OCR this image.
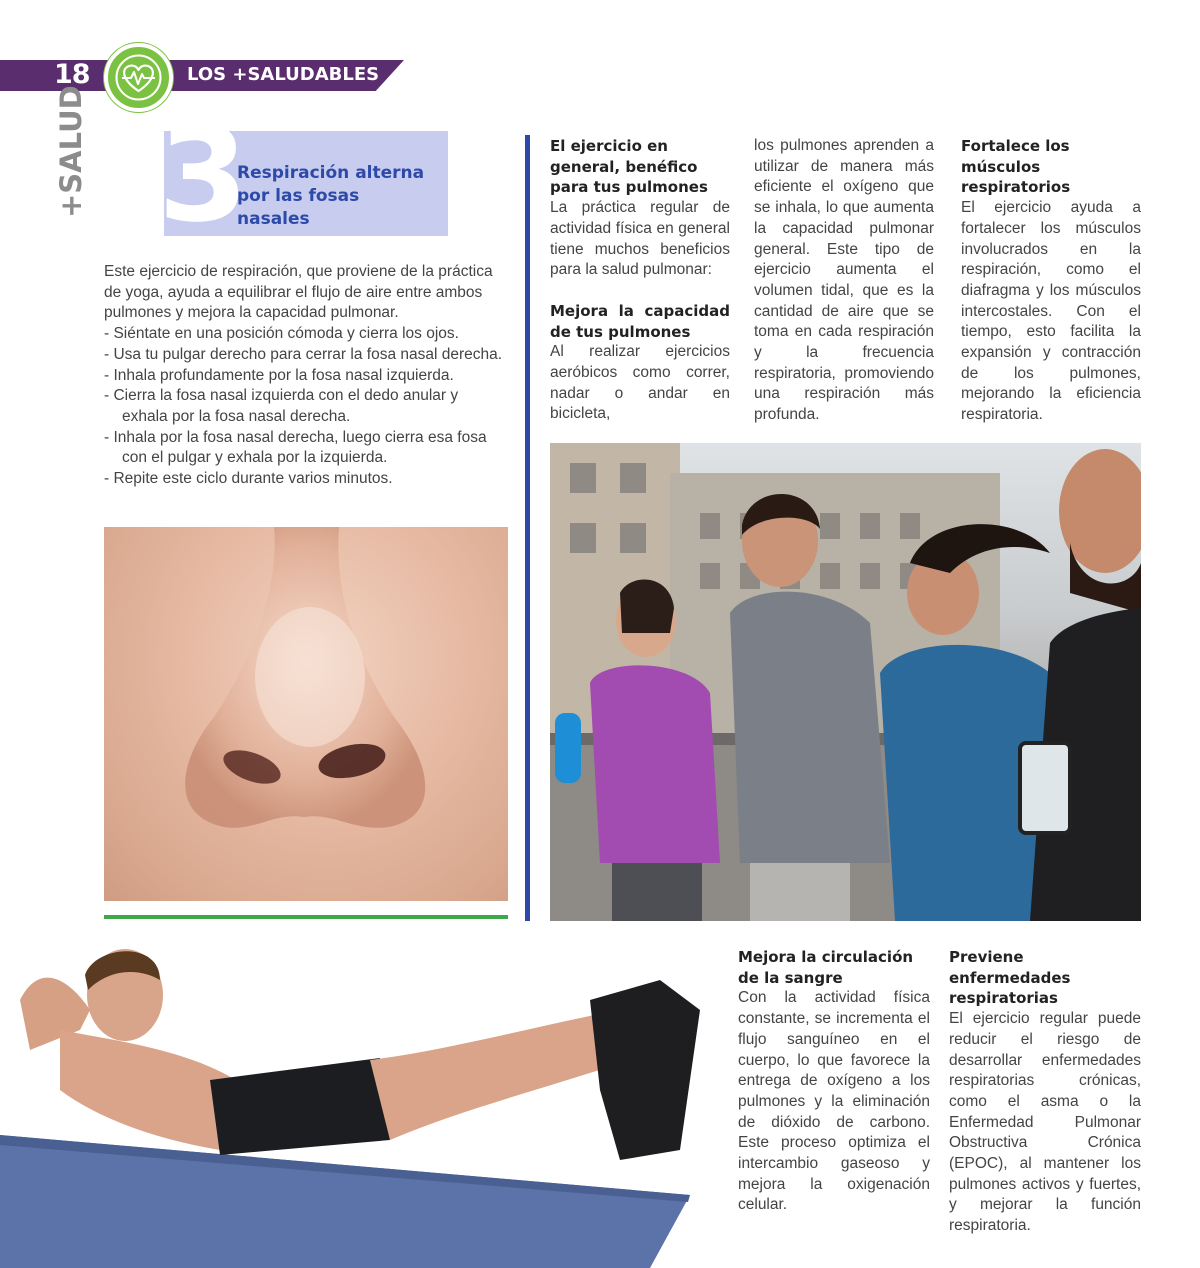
18	LOS +SALUDABLES
+SALUD 3
Respiración alterna por las fosas nasales

Este ejercicio de respiración, que proviene de la práctica de yoga, ayuda a equilibrar el flujo de aire entre ambos pulmones y mejora la capacidad pulmonar.

- Siéntate en una posición cómoda y cierra los ojos.

- Usa tu pulgar derecho para cerrar la fosa nasal derecha.

- Inhala profundamente por la fosa nasal izquierda.

- Cierra la fosa nasal izquierda con el dedo anular y exhala por la fosa nasal derecha.

- Inhala por la fosa nasal derecha, luego cierra esa fosa con el pulgar y exhala por la izquierda.

- Repite este ciclo durante varios minutos.

El ejercicio en general, benéfico para tus pulmones

La práctica regular de actividad física en general tiene muchos beneficios para la salud pulmonar:

Mejora la capacidad de tus pulmones

Al realizar ejercicios aeróbicos como correr, nadar o andar en bicicleta,

los pulmones aprenden a utilizar de manera más eficiente el oxígeno que se inhala, lo que aumenta la capacidad pulmonar general. Este tipo de ejercicio aumenta el volumen tidal, que es la cantidad de aire que se toma en cada respiración y la frecuencia respiratoria, promoviendo una respiración más profunda.

Fortalece los músculos respiratorios

El ejercicio ayuda a fortalecer los músculos involucrados en la respiración, como el diafragma y los músculos intercostales. Con el tiempo, esto facilita la expansión y contracción de los pulmones, mejorando la eficiencia respiratoria.

Mejora la circulación de la sangre

Con la actividad física constante, se incrementa el flujo sanguíneo en el cuerpo, lo que favorece la entrega de oxígeno a los pulmones y la eliminación de dióxido de carbono. Este proceso optimiza el intercambio gaseoso y mejora la oxigenación celular.

Previene enfermedades respiratorias

El ejercicio regular puede reducir el riesgo de desarrollar enfermedades respiratorias crónicas, como el asma o la Enfermedad Pulmonar Obstructiva Crónica (EPOC), al mantener los pulmones activos y fuertes, y mejorar la función respiratoria.
